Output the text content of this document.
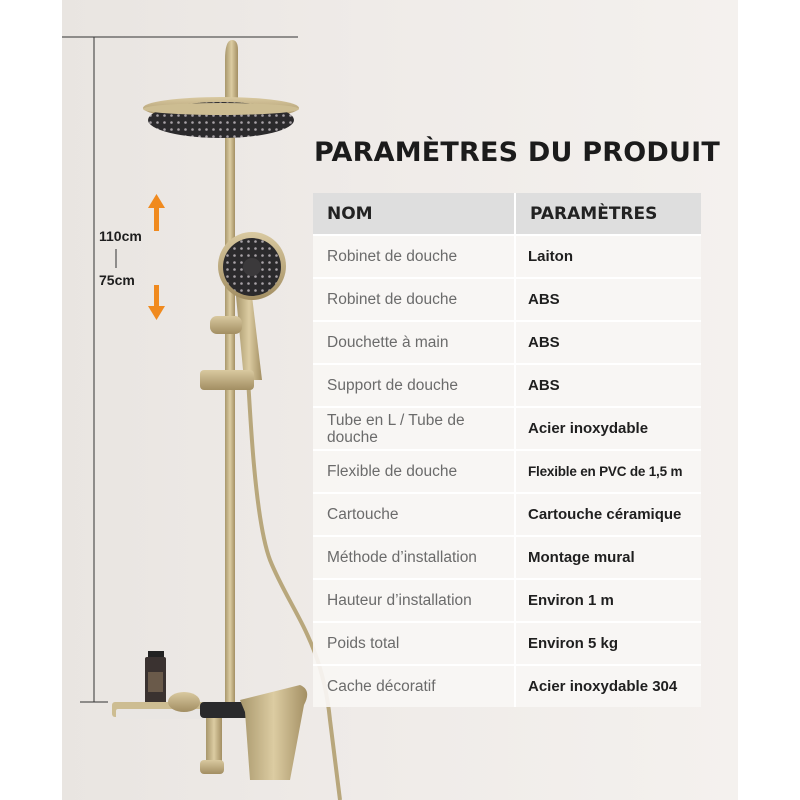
110cm
75cm
PARAMÈTRES DU PRODUIT
NOM	PARAMÈTRES
Robinet de douche	Laiton
Robinet de douche	ABS
Douchette à main	ABS
Support de douche	ABS
Tube en L / Tube de douche	Acier inoxydable
Flexible de douche	Flexible en PVC de 1,5 m
Cartouche	Cartouche céramique
Méthode d’installation	Montage mural
Hauteur d’installation	Environ 1 m
Poids total	Environ 5 kg
Cache décoratif	Acier inoxydable 304
